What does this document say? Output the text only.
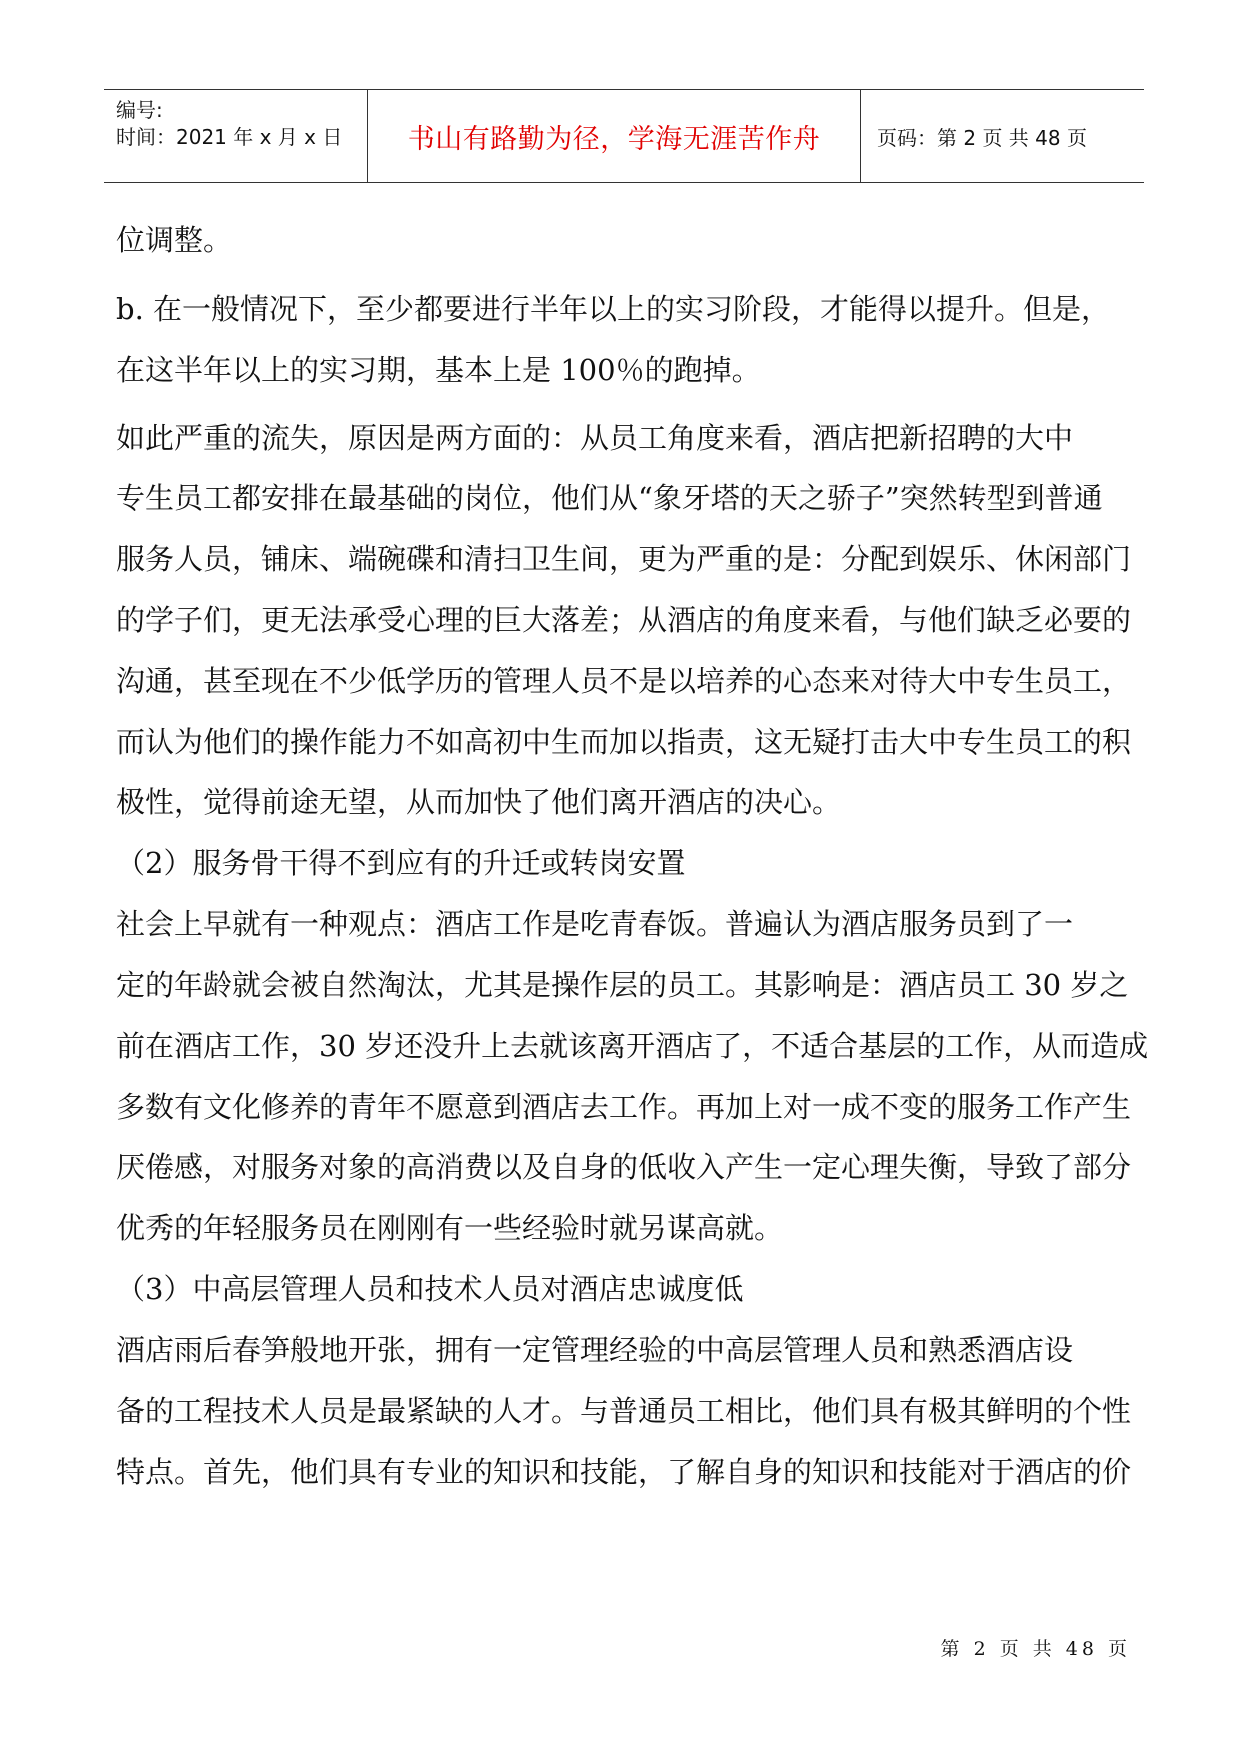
编号:
时间：2021 年 x 月 x 日 书山有路勤为径，学海无涯苦作舟	页码：第 2 页 共 48 页
位调整。
b. 在一般情况下，至少都要进行半年以上的实习阶段，才能得以提升。但是，
在这半年以上的实习期，基本上是 100％的跑掉。
如此严重的流失，原因是两方面的：从员工角度来看，酒店把新招聘的大中
专生员工都安排在最基础的岗位，他们从“象牙塔的天之骄子”突然转型到普通
服务人员，铺床、端碗碟和清扫卫生间，更为严重的是：分配到娱乐、休闲部门
的学子们，更无法承受心理的巨大落差；从酒店的角度来看，与他们缺乏必要的
沟通，甚至现在不少低学历的管理人员不是以培养的心态来对待大中专生员工，
而认为他们的操作能力不如高初中生而加以指责，这无疑打击大中专生员工的积
极性，觉得前途无望，从而加快了他们离开酒店的决心。
（2）服务骨干得不到应有的升迁或转岗安置
社会上早就有一种观点：酒店工作是吃青春饭。普遍认为酒店服务员到了一
定的年龄就会被自然淘汰，尤其是操作层的员工。其影响是：酒店员工 30 岁之
前在酒店工作，30 岁还没升上去就该离开酒店了，不适合基层的工作，从而造成
多数有文化修养的青年不愿意到酒店去工作。再加上对一成不变的服务工作产生
厌倦感，对服务对象的高消费以及自身的低收入产生一定心理失衡，导致了部分
优秀的年轻服务员在刚刚有一些经验时就另谋高就。
（3）中高层管理人员和技术人员对酒店忠诚度低
酒店雨后春笋般地开张，拥有一定管理经验的中高层管理人员和熟悉酒店设
备的工程技术人员是最紧缺的人才。与普通员工相比，他们具有极其鲜明的个性
特点。首先，他们具有专业的知识和技能，了解自身的知识和技能对于酒店的价
第 2 页 共 48 页
